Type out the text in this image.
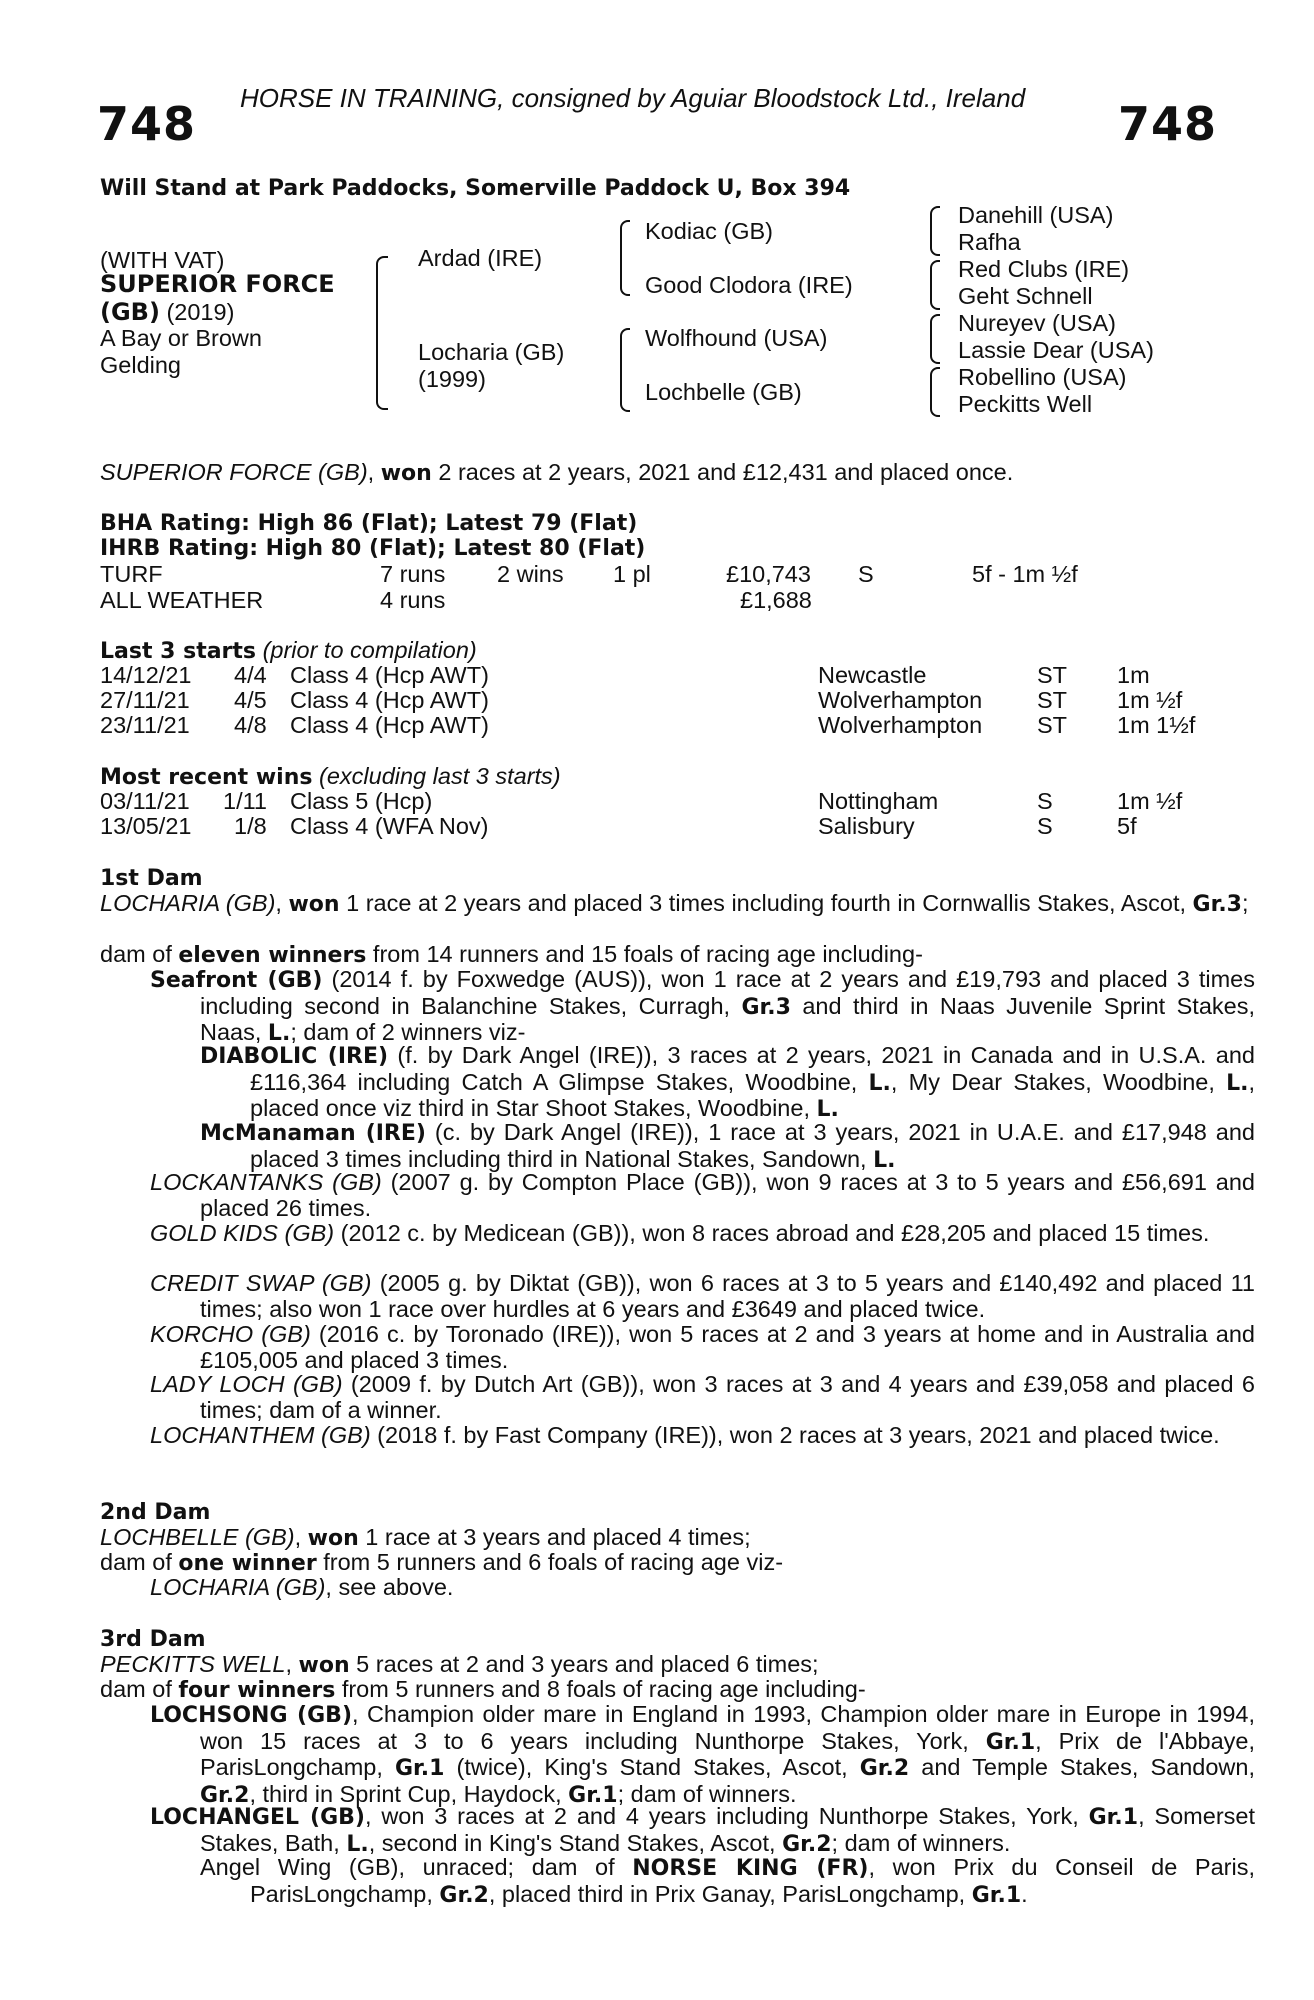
HORSE IN TRAINING, consigned by Aguiar Bloodstock Ltd., Ireland
748	748
Will Stand at Park Paddocks, Somerville Paddock U, Box 394
(WITH VAT)
SUPERIOR FORCE
(GB) (2019)
A Bay or Brown
Gelding
Ardad (IRE)
Locharia (GB)
(1999)
Kodiac (GB)
Good Clodora (IRE)
Wolfhound (USA)
Lochbelle (GB)
Danehill (USA)
Rafha
Red Clubs (IRE)
Geht Schnell
Nureyev (USA)
Lassie Dear (USA)
Robellino (USA)
Peckitts Well
SUPERIOR FORCE (GB), won 2 races at 2 years, 2021 and £12,431 and placed once.
BHA Rating: High 86 (Flat); Latest 79 (Flat)
IHRB Rating: High 80 (Flat); Latest 80 (Flat)
TURF	7 runs 2 wins 1 pl	£10,743 S	5f - 1m ½f
ALL WEATHER	4 runs	£1,688
Last 3 starts (prior to compilation)
14/12/21 4/4 Class 4 (Hcp AWT)	Newcastle	ST 1m
27/11/21 4/5 Class 4 (Hcp AWT)	Wolverhampton ST 1m ½f
23/11/21 4/8 Class 4 (Hcp AWT)	Wolverhampton ST 1m 1½f
Most recent wins (excluding last 3 starts)
03/11/21 1/11 Class 5 (Hcp)	Nottingham	S	1m ½f
13/05/21 1/8 Class 4 (WFA Nov)	Salisbury	S	5f
1st Dam
LOCHARIA (GB), won 1 race at 2 years and placed 3 times including fourth in Cornwallis Stakes, Ascot, Gr.3;
dam of eleven winners from 14 runners and 15 foals of racing age including-
Seafront (GB) (2014 f. by Foxwedge (AUS)), won 1 race at 2 years and £19,793 and placed 3 times including second in Balanchine Stakes, Curragh, Gr.3 and third in Naas Juvenile Sprint Stakes, Naas, L.; dam of 2 winners viz-
DIABOLIC (IRE) (f. by Dark Angel (IRE)), 3 races at 2 years, 2021 in Canada and in U.S.A. and £116,364 including Catch A Glimpse Stakes, Woodbine, L., My Dear Stakes, Woodbine, L., placed once viz third in Star Shoot Stakes, Woodbine, L.
McManaman (IRE) (c. by Dark Angel (IRE)), 1 race at 3 years, 2021 in U.A.E. and £17,948 and placed 3 times including third in National Stakes, Sandown, L.
LOCKANTANKS (GB) (2007 g. by Compton Place (GB)), won 9 races at 3 to 5 years and £56,691 and placed 26 times.
GOLD KIDS (GB) (2012 c. by Medicean (GB)), won 8 races abroad and £28,205 and placed 15 times.
CREDIT SWAP (GB) (2005 g. by Diktat (GB)), won 6 races at 3 to 5 years and £140,492 and placed 11 times; also won 1 race over hurdles at 6 years and £3649 and placed twice.
KORCHO (GB) (2016 c. by Toronado (IRE)), won 5 races at 2 and 3 years at home and in Australia and £105,005 and placed 3 times.
LADY LOCH (GB) (2009 f. by Dutch Art (GB)), won 3 races at 3 and 4 years and £39,058 and placed 6 times; dam of a winner.
LOCHANTHEM (GB) (2018 f. by Fast Company (IRE)), won 2 races at 3 years, 2021 and placed twice.
2nd Dam
LOCHBELLE (GB), won 1 race at 3 years and placed 4 times;
dam of one winner from 5 runners and 6 foals of racing age viz-
LOCHARIA (GB), see above.
3rd Dam
PECKITTS WELL, won 5 races at 2 and 3 years and placed 6 times;
dam of four winners from 5 runners and 8 foals of racing age including-
LOCHSONG (GB), Champion older mare in England in 1993, Champion older mare in Europe in 1994, won 15 races at 3 to 6 years including Nunthorpe Stakes, York, Gr.1, Prix de l'Abbaye, ParisLongchamp, Gr.1 (twice), King's Stand Stakes, Ascot, Gr.2 and Temple Stakes, Sandown, Gr.2, third in Sprint Cup, Haydock, Gr.1; dam of winners.
LOCHANGEL (GB), won 3 races at 2 and 4 years including Nunthorpe Stakes, York, Gr.1, Somerset Stakes, Bath, L., second in King's Stand Stakes, Ascot, Gr.2; dam of winners.
Angel Wing (GB), unraced; dam of NORSE KING (FR), won Prix du Conseil de Paris, ParisLongchamp, Gr.2, placed third in Prix Ganay, ParisLongchamp, Gr.1.
